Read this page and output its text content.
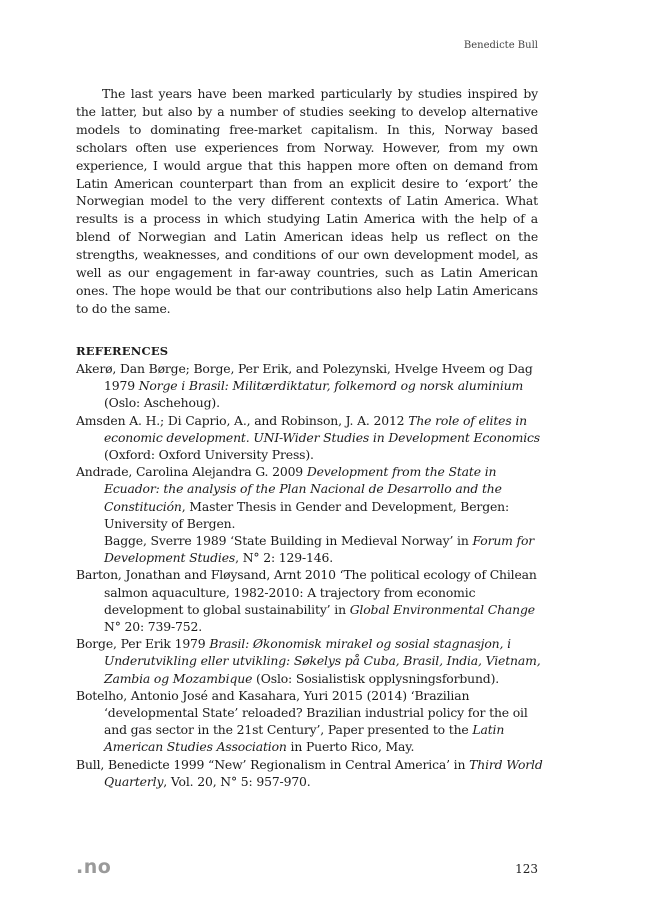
Benedicte Bull

The last years have been marked particularly by studies inspired by the latter, but also by a number of studies seeking to develop alternative models to dominating free-market capitalism. In this, Norway based scholars often use experiences from Norway. However, from my own experience, I would argue that this happen more often on demand from Latin American counterpart than from an explicit desire to ‘export’ the Norwegian model to the very different contexts of Latin America. What results is a process in which studying Latin America with the help of a blend of Norwegian and Latin American ideas help us reflect on the strengths, weaknesses, and conditions of our own development model, as well as our engagement in far-away countries, such as Latin American ones. The hope would be that our contributions also help Latin Americans to do the same.

REFERENCES
Akerø, Dan Børge; Borge, Per Erik, and Polezynski, Hvelge Hveem og Dag 1979 Norge i Brasil: Militærdiktatur, folkemord og norsk aluminium (Oslo: Aschehoug).
Amsden A. H.; Di Caprio, A., and Robinson, J. A. 2012 The role of elites in economic development. UNI-Wider Studies in Development Economics (Oxford: Oxford University Press).
Andrade, Carolina Alejandra G. 2009 Development from the State in Ecuador: the analysis of the Plan Nacional de Desarrollo and the Constitución, Master Thesis in Gender and Development, Bergen: University of Bergen.
Bagge, Sverre 1989 ‘State Building in Medieval Norway’ in Forum for Development Studies, N° 2: 129-146.
Barton, Jonathan and Fløysand, Arnt 2010 ‘The political ecology of Chilean salmon aquaculture, 1982-2010: A trajectory from economic development to global sustainability’ in Global Environmental Change N° 20: 739-752.
Borge, Per Erik 1979 Brasil: Økonomisk mirakel og sosial stagnasjon, i Underutvikling eller utvikling: Søkelys på Cuba, Brasil, India, Vietnam, Zambia og Mozambique (Oslo: Sosialistisk opplysningsforbund).
Botelho, Antonio José and Kasahara, Yuri 2015 (2014) ‘Brazilian ‘developmental State’ reloaded? Brazilian industrial policy for the oil and gas sector in the 21st Century’, Paper presented to the Latin American Studies Association in Puerto Rico, May.
Bull, Benedicte 1999 “New’ Regionalism in Central America’ in Third World Quarterly, Vol. 20, N° 5: 957-970.
.no	123
